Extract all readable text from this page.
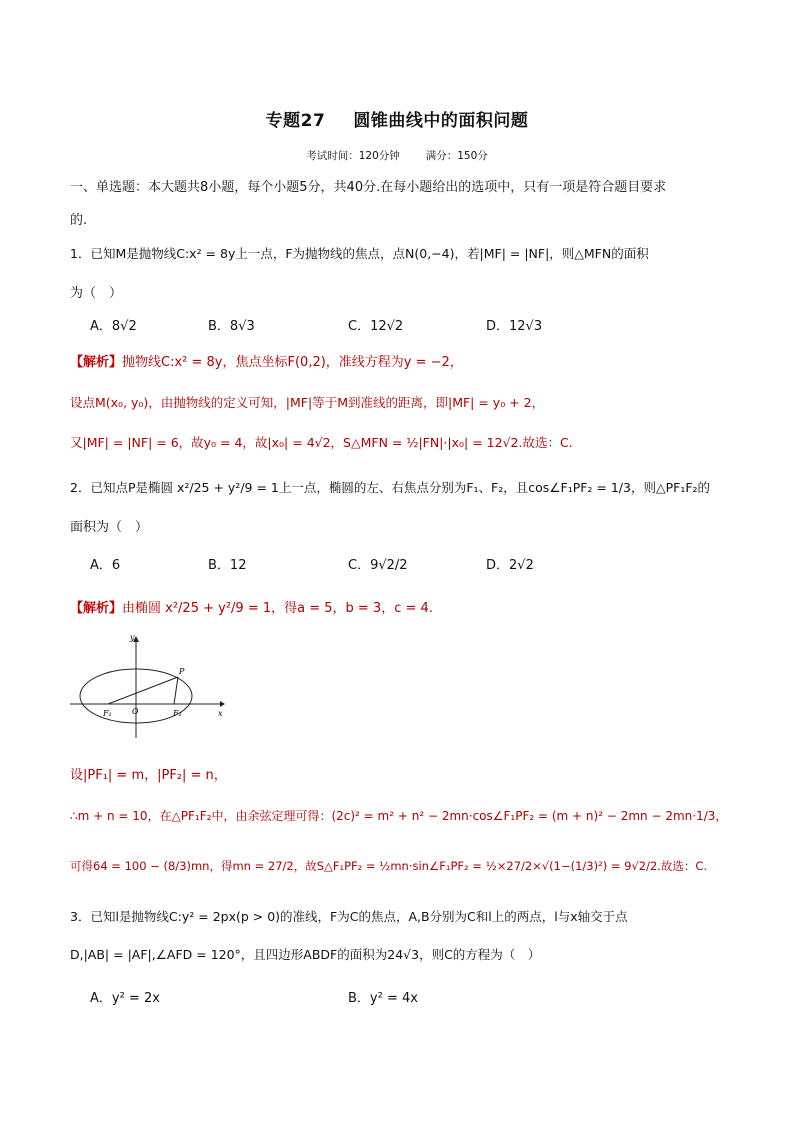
专题27 圆锥曲线中的面积问题
考试时间：120分钟 满分：150分
一、单选题：本大题共8小题，每个小题5分，共40分.在每小题给出的选项中，只有一项是符合题目要求
的.
1．已知M是抛物线C:x² = 8y上一点，F为抛物线的焦点，点N(0,−4)，若|MF| = |NF|，则△MFN的面积
为（　）
A．8√2	B．8√3	C．12√2	D．12√3
【解析】抛物线C:x² = 8y，焦点坐标F(0,2)，准线方程为y = −2，
设点M(x₀, y₀)，由抛物线的定义可知，|MF|等于M到准线的距离，即|MF| = y₀ + 2，
又|MF| = |NF| = 6，故y₀ = 4，故|x₀| = 4√2，S△MFN = ½|FN|·|x₀| = 12√2.故选：C.
2．已知点P是椭圆 x²/25 + y²/9 = 1上一点，椭圆的左、右焦点分别为F₁、F₂，且cos∠F₁PF₂ = 1/3，则△PF₁F₂的
面积为（　）
A．6	B．12	C．9√2/2	D．2√2
【解析】由椭圆 x²/25 + y²/9 = 1，得a = 5，b = 3，c = 4.
y
x
P
O
F₁	F₂
设|PF₁| = m，|PF₂| = n，
∴m + n = 10，在△PF₁F₂中，由余弦定理可得：(2c)² = m² + n² − 2mn·cos∠F₁PF₂ = (m + n)² − 2mn − 2mn·1/3，
可得64 = 100 − (8/3)mn，得mn = 27/2，故S△F₁PF₂ = ½mn·sin∠F₁PF₂ = ½×27/2×√(1−(1/3)²) = 9√2/2.故选：C.
3．已知l是抛物线C:y² = 2px(p > 0)的准线，F为C的焦点，A,B分别为C和l上的两点，l与x轴交于点
D,|AB| = |AF|,∠AFD = 120°，且四边形ABDF的面积为24√3，则C的方程为（　）
A．y² = 2x	B．y² = 4x
